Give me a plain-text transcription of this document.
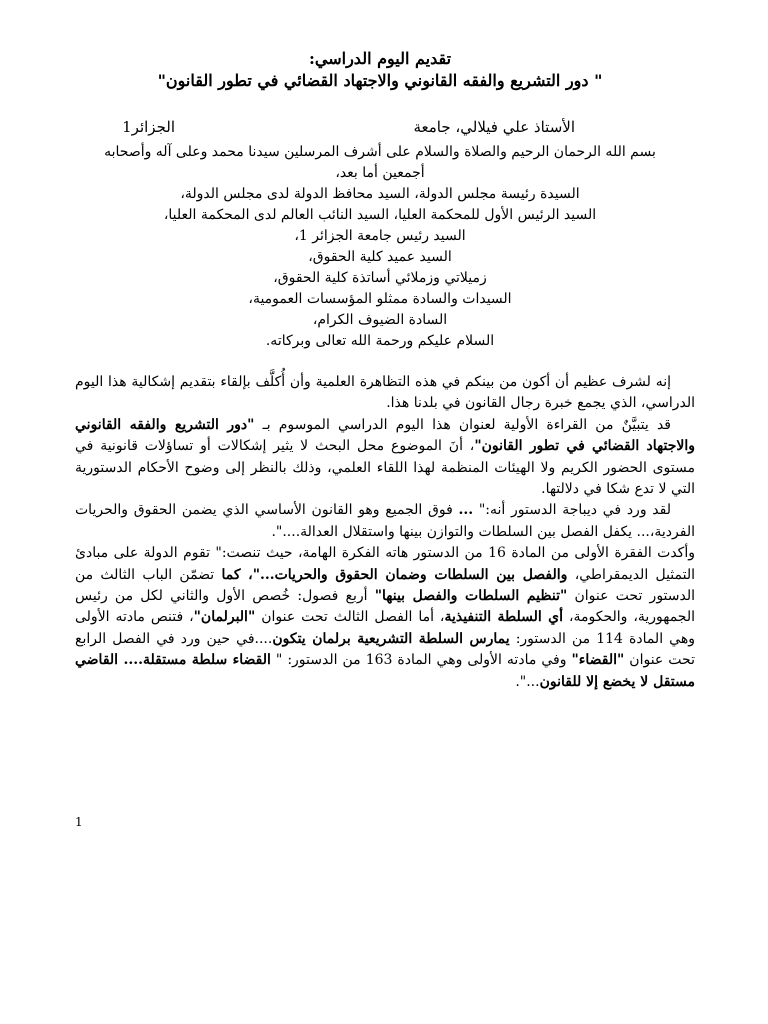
تقديم اليوم الدراسي:
" دور التشريع والفقه القانوني والاجتهاد القضائي في تطور القانون"
الأستاذ علي فيلالي، جامعة
الجزائر1
بسم الله الرحمان الرحيم والصلاة والسلام على أشرف المرسلين سيدنا محمد وعلى آله وأصحابه
أجمعين أما بعد،
السيدة رئيسة مجلس الدولة، السيد محافظ الدولة لدى مجلس الدولة،
السيد الرئيس الأول للمحكمة العليا، السيد النائب العالم لدى المحكمة العليا،
السيد رئيس جامعة الجزائر 1،
السيد عميد كلية الحقوق،
زميلاتي وزملائي أساتذة كلية الحقوق،
السيدات والسادة ممثلو المؤسسات العمومية،
السادة الضيوف الكرام،
السلام عليكم ورحمة الله تعالى وبركاته.

إنه لشرف عظيم أن أكون من بينكم في هذه التظاهرة العلمية وأن أُكلَّف بإلقاء بتقديم إشكالية هذا اليوم الدراسي، الذي يجمع خبرة رجال القانون في بلدنا هذا.

قد يتبيَّنٌ من القراءة الأولية لعنوان هذا اليوم الدراسي الموسوم بـ "دور التشريع والفقه القانوني والاجتهاد القضائي في تطور القانون"، أنَ الموضوع محل البحث لا يثير إشكالات أو تساؤلات قانونية في مستوى الحضور الكريم ولا الهيئات المنظمة لهذا اللقاء العلمي، وذلك بالنظر إلى وضوح الأحكام الدستورية التي لا تدع شكا في دلالتها.

لقد ورد في ديباجة الدستور أنه:" ... فوق الجميع وهو القانون الأساسي الذي يضمن الحقوق والحريات الفردية،... يكفل الفصل بين السلطات والتوازن بينها واستقلال العدالة....".

وأكدت الفقرة الأولى من المادة 16 من الدستور هاته الفكرة الهامة، حيث تنصت:" تقوم الدولة على مبادئ التمثيل الديمقراطي، والفصل بين السلطات وضمان الحقوق والحريات..."، كما تضمّن الباب الثالث من الدستور تحت عنوان "تنظيم السلطات والفصل بينها" أربع فصول: خُصص الأول والثاني لكل من رئيس الجمهورية، والحكومة، أي السلطة التنفيذية، أما الفصل الثالث تحت عنوان "البرلمان"، فتنص مادته الأولى وهي المادة 114 من الدستور: يمارس السلطة التشريعية برلمان يتكون....في حين ورد في الفصل الرابع تحت عنوان "القضاء" وفي مادته الأولى وهي المادة 163 من الدستور: " القضاء سلطة مستقلة.... القاضي مستقل لا يخضع إلا للقانون...".

1
